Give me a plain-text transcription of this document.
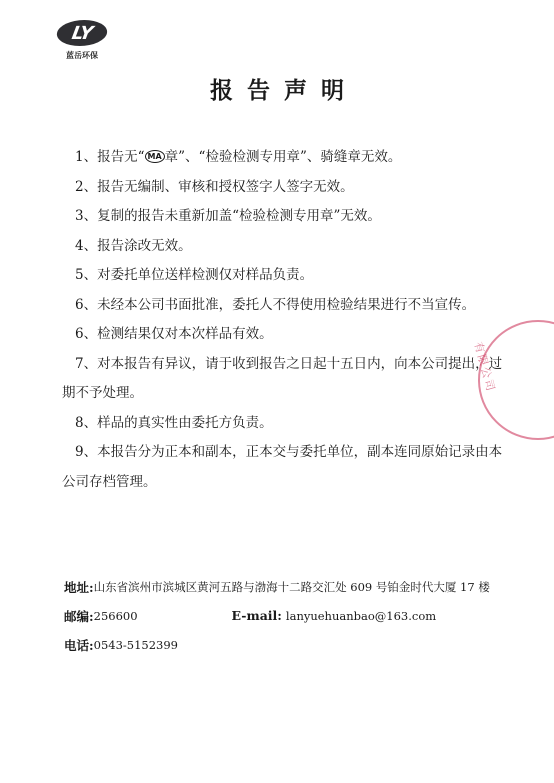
LY
蓝岳环保
报告声明

1、报告无“ MA 章”、“检验检测专用章”、骑缝章无效。

2、报告无编制、审核和授权签字人签字无效。

3、复制的报告未重新加盖“检验检测专用章”无效。

4、报告涂改无效。

5、对委托单位送样检测仅对样品负责。

6、未经本公司书面批准，委托人不得使用检验结果进行不当宣传。

6、检测结果仅对本次样品有效。

7、对本报告有异议，请于收到报告之日起十五日内，向本公司提出，过期不予处理。

8、样品的真实性由委托方负责。

9、本报告分为正本和副本，正本交与委托单位，副本连同原始记录由本公司存档管理。

有限公司
地址: 山东省滨州市滨城区黄河五路与渤海十二路交汇处 609 号铂金时代大厦 17 楼
邮编: 256600	E-mail: lanyuehuanbao@163.com
电话: 0543-5152399
